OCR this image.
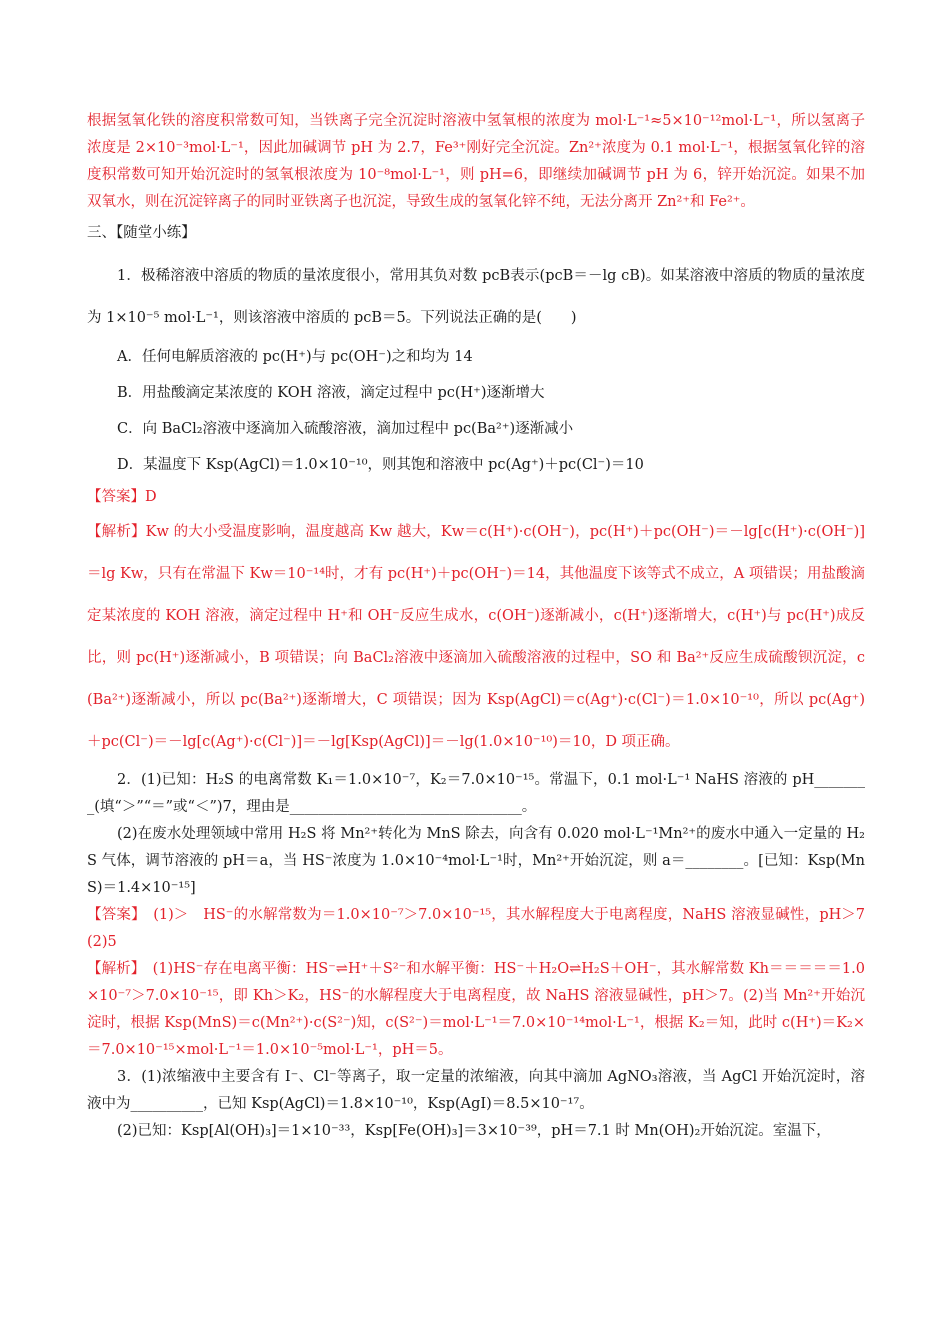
根据氢氧化铁的溶度积常数可知，当铁离子完全沉淀时溶液中氢氧根的浓度为 mol·L⁻¹≈5×10⁻¹²mol·L⁻¹，所以氢离子浓度是 2×10⁻³mol·L⁻¹，因此加碱调节 pH 为 2.7，Fe³⁺刚好完全沉淀。Zn²⁺浓度为 0.1 mol·L⁻¹，根据氢氧化锌的溶度积常数可知开始沉淀时的氢氧根浓度为 10⁻⁸mol·L⁻¹，则 pH=6，即继续加碱调节 pH 为 6，锌开始沉淀。如果不加双氧水，则在沉淀锌离子的同时亚铁离子也沉淀，导致生成的氢氧化锌不纯，无法分离开 Zn²⁺和 Fe²⁺。

三、【随堂小练】

1．极稀溶液中溶质的物质的量浓度很小，常用其负对数 pcB表示(pcB＝－lg cB)。如某溶液中溶质的物质的量浓度为 1×10⁻⁵ mol·L⁻¹，则该溶液中溶质的 pcB＝5。下列说法正确的是(　　)

A．任何电解质溶液的 pc(H⁺)与 pc(OH⁻)之和均为 14

B．用盐酸滴定某浓度的 KOH 溶液，滴定过程中 pc(H⁺)逐渐增大

C．向 BaCl₂溶液中逐滴加入硫酸溶液，滴加过程中 pc(Ba²⁺)逐渐减小

D．某温度下 Ksp(AgCl)＝1.0×10⁻¹⁰，则其饱和溶液中 pc(Ag⁺)＋pc(Cl⁻)＝10

【答案】D

【解析】Kw 的大小受温度影响，温度越高 Kw 越大，Kw＝c(H⁺)·c(OH⁻)，pc(H⁺)＋pc(OH⁻)＝－lg[c(H⁺)·c(OH⁻)]＝lg Kw，只有在常温下 Kw＝10⁻¹⁴时，才有 pc(H⁺)＋pc(OH⁻)＝14，其他温度下该等式不成立，A 项错误；用盐酸滴定某浓度的 KOH 溶液，滴定过程中 H⁺和 OH⁻反应生成水，c(OH⁻)逐渐减小，c(H⁺)逐渐增大，c(H⁺)与 pc(H⁺)成反比，则 pc(H⁺)逐渐减小，B 项错误；向 BaCl₂溶液中逐滴加入硫酸溶液的过程中，SO 和 Ba²⁺反应生成硫酸钡沉淀，c(Ba²⁺)逐渐减小，所以 pc(Ba²⁺)逐渐增大，C 项错误；因为 Ksp(AgCl)＝c(Ag⁺)·c(Cl⁻)＝1.0×10⁻¹⁰，所以 pc(Ag⁺)＋pc(Cl⁻)＝－lg[c(Ag⁺)·c(Cl⁻)]＝－lg[Ksp(AgCl)]＝－lg(1.0×10⁻¹⁰)＝10，D 项正确。

2．(1)已知：H₂S 的电离常数 K₁＝1.0×10⁻⁷，K₂＝7.0×10⁻¹⁵。常温下，0.1 mol·L⁻¹ NaHS 溶液的 pH________(填“＞”“＝”或“＜”)7，理由是________________________________。

(2)在废水处理领域中常用 H₂S 将 Mn²⁺转化为 MnS 除去，向含有 0.020 mol·L⁻¹Mn²⁺的废水中通入一定量的 H₂S 气体，调节溶液的 pH＝a，当 HS⁻浓度为 1.0×10⁻⁴mol·L⁻¹时，Mn²⁺开始沉淀，则 a＝________。[已知：Ksp(MnS)＝1.4×10⁻¹⁵]

【答案】　(1)＞　HS⁻的水解常数为＝1.0×10⁻⁷＞7.0×10⁻¹⁵，其水解程度大于电离程度，NaHS 溶液显碱性，pH＞7　(2)5

【解析】　(1)HS⁻存在电离平衡：HS⁻⇌H⁺＋S²⁻和水解平衡：HS⁻＋H₂O⇌H₂S＋OH⁻，其水解常数 Kh＝＝＝＝＝1.0×10⁻⁷＞7.0×10⁻¹⁵，即 Kh＞K₂，HS⁻的水解程度大于电离程度，故 NaHS 溶液显碱性，pH＞7。(2)当 Mn²⁺开始沉淀时，根据 Ksp(MnS)＝c(Mn²⁺)·c(S²⁻)知，c(S²⁻)＝mol·L⁻¹＝7.0×10⁻¹⁴mol·L⁻¹，根据 K₂＝知，此时 c(H⁺)＝K₂×＝7.0×10⁻¹⁵×mol·L⁻¹＝1.0×10⁻⁵mol·L⁻¹，pH＝5。

3．(1)浓缩液中主要含有 I⁻、Cl⁻等离子，取一定量的浓缩液，向其中滴加 AgNO₃溶液，当 AgCl 开始沉淀时，溶液中为__________，已知 Ksp(AgCl)＝1.8×10⁻¹⁰，Ksp(AgI)＝8.5×10⁻¹⁷。

(2)已知：Ksp[Al(OH)₃]＝1×10⁻³³，Ksp[Fe(OH)₃]＝3×10⁻³⁹，pH＝7.1 时 Mn(OH)₂开始沉淀。室温下，
